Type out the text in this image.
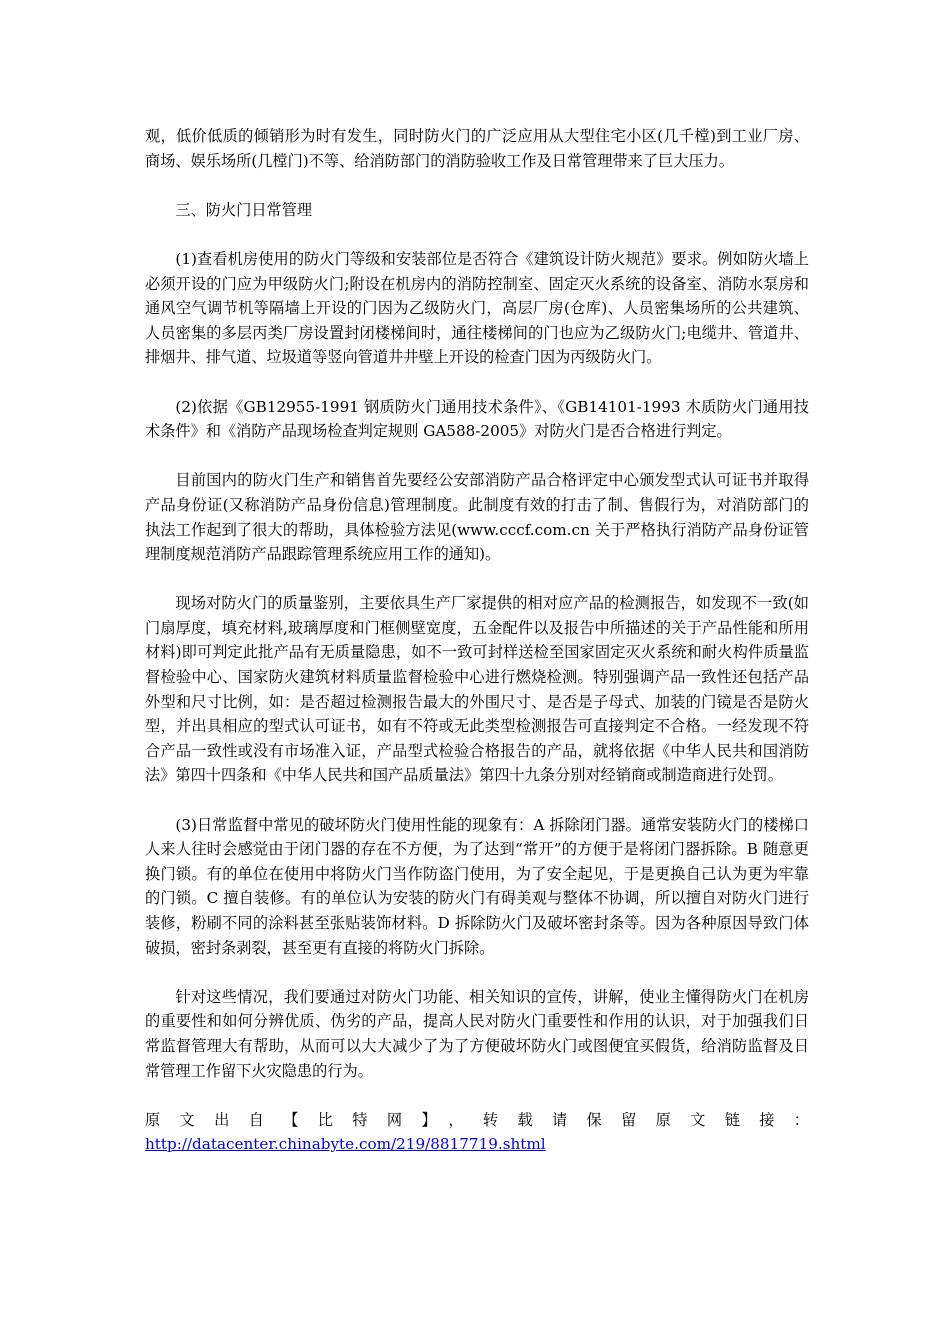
观，低价低质的倾销形为时有发生，同时防火门的广泛应用从大型住宅小区(几千樘)到工业厂房、商场、娱乐场所(几樘门)不等、给消防部门的消防验收工作及日常管理带来了巨大压力。

三、防火门日常管理

(1)查看机房使用的防火门等级和安装部位是否符合《建筑设计防火规范》要求。例如防火墙上必须开设的门应为甲级防火门;附设在机房内的消防控制室、固定灭火系统的设备室、消防水泵房和通风空气调节机等隔墙上开设的门因为乙级防火门，高层厂房(仓库)、人员密集场所的公共建筑、人员密集的多层丙类厂房设置封闭楼梯间时，通往楼梯间的门也应为乙级防火门;电缆井、管道井、排烟井、排气道、垃圾道等竖向管道井井壁上开设的检查门因为丙级防火门。

(2)依据《GB12955-1991 钢质防火门通用技术条件》、《GB14101-1993 木质防火门通用技术条件》和《消防产品现场检查判定规则 GA588-2005》对防火门是否合格进行判定。

目前国内的防火门生产和销售首先要经公安部消防产品合格评定中心颁发型式认可证书并取得产品身份证(又称消防产品身份信息)管理制度。此制度有效的打击了制、售假行为，对消防部门的执法工作起到了很大的帮助，具体检验方法见(www.cccf.com.cn 关于严格执行消防产品身份证管理制度规范消防产品跟踪管理系统应用工作的通知)。

现场对防火门的质量鉴别，主要依具生产厂家提供的相对应产品的检测报告，如发现不一致(如门扇厚度，填充材料,玻璃厚度和门框侧壁宽度，五金配件以及报告中所描述的关于产品性能和所用材料)即可判定此批产品有无质量隐患，如不一致可封样送检至国家固定灭火系统和耐火构件质量监督检验中心、国家防火建筑材料质量监督检验中心进行燃烧检测。特别强调产品一致性还包括产品外型和尺寸比例，如：是否超过检测报告最大的外围尺寸、是否是子母式、加装的门镜是否是防火型，并出具相应的型式认可证书，如有不符或无此类型检测报告可直接判定不合格。一经发现不符合产品一致性或没有市场准入证，产品型式检验合格报告的产品，就将依据《中华人民共和国消防法》第四十四条和《中华人民共和国产品质量法》第四十九条分别对经销商或制造商进行处罚。

(3)日常监督中常见的破坏防火门使用性能的现象有：A 拆除闭门器。通常安装防火门的楼梯口人来人往时会感觉由于闭门器的存在不方便，为了达到“常开”的方便于是将闭门器拆除。B 随意更换门锁。有的单位在使用中将防火门当作防盗门使用，为了安全起见，于是更换自己认为更为牢靠的门锁。C 擅自装修。有的单位认为安装的防火门有碍美观与整体不协调，所以擅自对防火门进行装修，粉刷不同的涂料甚至张贴装饰材料。D 拆除防火门及破坏密封条等。因为各种原因导致门体破损，密封条剥裂，甚至更有直接的将防火门拆除。

针对这些情况，我们要通过对防火门功能、相关知识的宣传，讲解，使业主懂得防火门在机房的重要性和如何分辨优质、伪劣的产品，提高人民对防火门重要性和作用的认识，对于加强我们日常监督管理大有帮助，从而可以大大减少了为了方便破坏防火门或图便宜买假货，给消防监督及日常管理工作留下火灾隐患的行为。

原文出自【比特网】，转载请保留原文链接：http://datacenter.chinabyte.com/219/8817719.shtml
